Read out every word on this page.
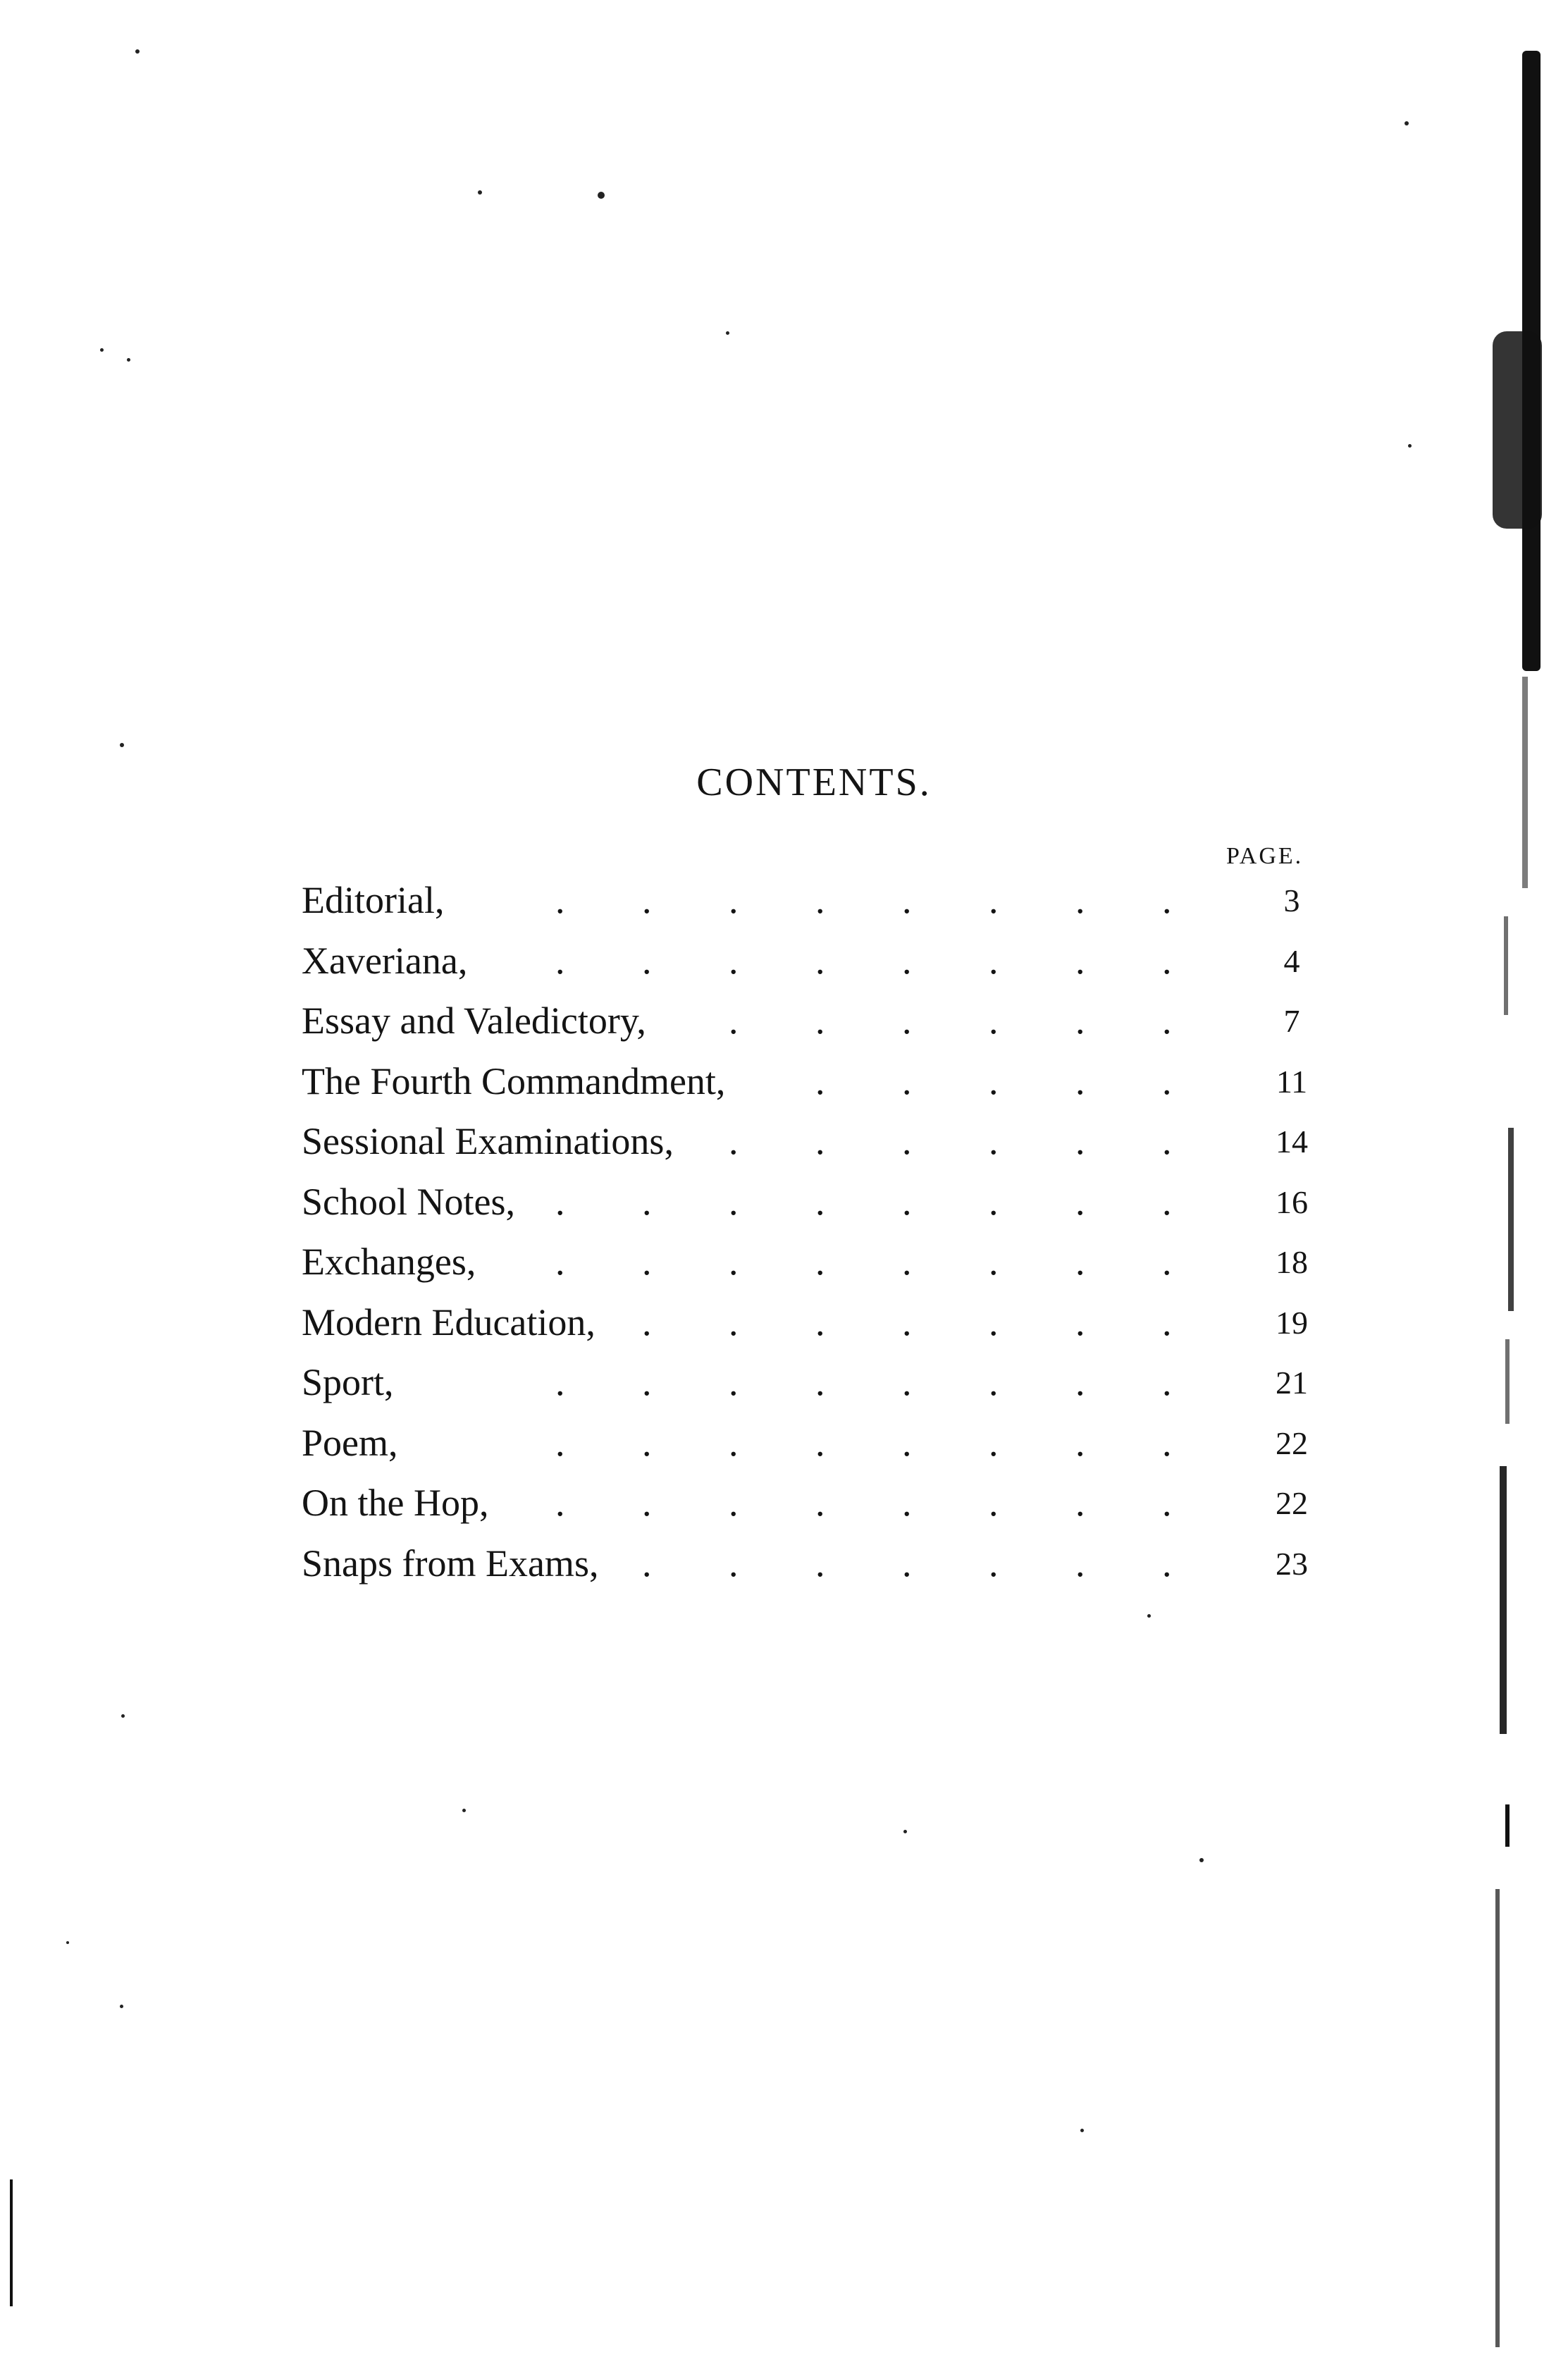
CONTENTS.
PAGE.
Editorial,	3
. . . . . . . .
Xaveriana,	4
. . . . . . . .
Essay and Valedictory,	7
. . . . . .
The Fourth Commandment,	11
. . . . .
Sessional Examinations,	14
. . . . . .
School Notes,	16
. . . . . . . .
Exchanges,	18
. . . . . . . .
Modern Education,	19
. . . . . . .
Sport,	21
. . . . . . . .
Poem,	22
. . . . . . . .
On the Hop,	22
. . . . . . . .
Snaps from Exams,	23
. . . . . . .
